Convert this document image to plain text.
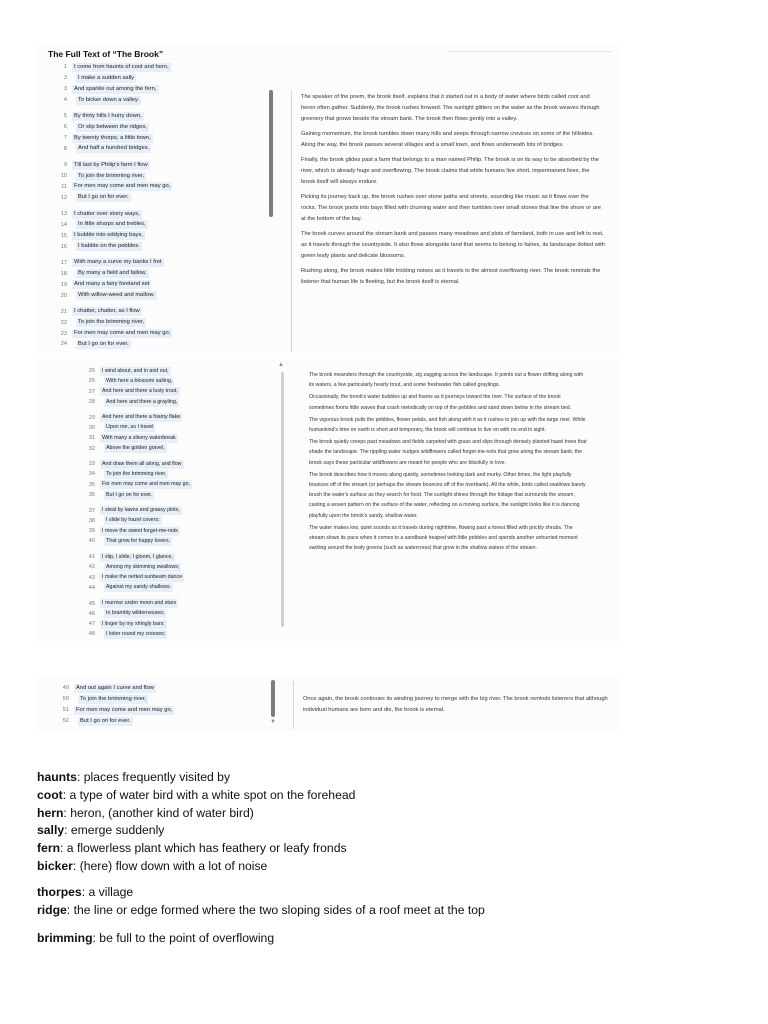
The Full Text of “The Brook”
1	I come from haunts of coot and hern,
3	I make a sudden sally
3	And sparkle out among the fern,
4	To bicker down a valley.
5	By thirty hills I hurry down,
6	Or slip between the ridges,
7	By twenty thorps, a little town,
8	And half a hundred bridges.
9	Till last by Philip's farm I flow
10	To join the brimming river,
11	For men may come and men may go,
12	But I go on for ever.
13	I chatter over stony ways,
14	In little sharps and trebles,
15	I bubble into eddying bays,
16	I babble on the pebbles.
17	With many a curve my banks I fret
18	By many a field and fallow,
19	And many a fairy foreland set
20	With willow-weed and mallow.
21	I chatter, chatter, as I flow
22	To join the brimming river,
23	For men may come and men may go,
24	But I go on for ever.
The speaker of the poem, the brook itself, explains that it started out in a body of water where birds called coot and heron often gather. Suddenly, the brook rushes forward. The sunlight glitters on the water as the brook weaves through greenery that grows beside the stream bank. The brook then flows gently into a valley.
Gaining momentum, the brook tumbles down many hills and seeps through narrow crevices on some of the hillsides. Along the way, the brook passes several villages and a small town, and flows underneath lots of bridges.
Finally, the brook glides past a farm that belongs to a man named Philip. The brook is on its way to be absorbed by the river, which is already huge and overflowing. The brook claims that while humans live short, impermanent lives, the brook itself will always endure.
Picking its journey back up, the brook rushes over stone paths and streets, sounding like music as it flows over the rocks. The brook pools into bays filled with churning water and then tumbles over small stones that line the shore or are at the bottom of the bay.
The brook curves around the stream bank and passes many meadows and plots of farmland, both in use and left to rest, as it travels through the countryside. It also flows alongside land that seems to belong to fairies, its landscape dotted with green leafy plants and delicate blossoms.
Rushing along, the brook makes little trickling noises as it travels to the almost overflowing river. The brook reminds the listener that human life is fleeting, but the brook itself is eternal.
▲
25	I wind about, and in and out,
26	With here a blossom sailing,
27	And here and there a lusty trout,
28	And here and there a grayling,
29	And here and there a foamy flake
30	Upon me, as I travel
31	With many a silvery waterbreak
32	Above the golden gravel,
33	And draw them all along, and flow
34	To join the brimming river,
35	For men may come and men may go,
36	But I go on for ever.
37	I steal by lawns and grassy plots,
38	I slide by hazel covers;
39	I move the sweet forget-me-nots
40	That grow for happy lovers.
41	I slip, I slide, I gloom, I glance,
42	Among my skimming swallows;
43	I make the netted sunbeam dance
44	Against my sandy shallows.
45	I murmur under moon and stars
46	In brambly wildernesses;
47	I linger by my shingly bars;
48	I loiter round my cresses;
The brook meanders through the countryside, zig zagging across the landscape. It points out a flower drifting along with its waters, a few particularly hearty trout, and some freshwater fish called graylings.
Occasionally, the brook's water bubbles up and foams as it journeys toward the river. The surface of the brook sometimes forms little waves that crash melodically on top of the pebbles and sand down below in the stream bed.
The vigorous brook pulls the pebbles, flower petals, and fish along with it as it rushes to join up with the large river. While humankind's time on earth is short and temporary, the brook will continue to live on with no end in sight.
The brook quietly creeps past meadows and fields carpeted with grass and slips through densely planted hazel trees that shade the landscape. The rippling water nudges wildflowers called forget-me-nots that grow along the stream bank; the brook says these particular wildflowers are meant for people who are blissfully in love.
The brook describes how it moves along quietly, sometimes looking dark and murky. Other times, the light playfully bounces off of the stream (or perhaps the stream bounces off of the riverbank). All the while, birds called swallows barely brush the water's surface as they search for food. The sunlight shines through the foliage that surrounds the stream, casting a woven pattern on the surface of the water, reflecting on a moving surface, the sunlight looks like it is dancing playfully upon the brook's sandy, shallow water.
The water makes low, quiet sounds as it travels during nighttime, flowing past a forest filled with prickly shrubs. The stream slows its pace when it comes to a sandbank heaped with little pebbles and spends another unhurried moment swirling around the leafy greens (such as watercress) that grow in the shallow waters of the stream.
49	And out again I curve and flow
50	To join the brimming river,
51	For men may come and men may go,
52	But I go on for ever.	▼
Once again, the brook continues its winding journey to merge with the big river. The brook reminds listeners that although individual humans are born and die, the brook is eternal.
haunts: places frequently visited by
coot: a type of water bird with a white spot on the forehead
hern: heron, (another kind of water bird)
sally: emerge suddenly
fern: a flowerless plant which has feathery or leafy fronds
bicker: (here) flow down with a lot of noise
thorpes: a village
ridge: the line or edge formed where the two sloping sides of a roof meet at the top
brimming: be full to the point of overflowing
